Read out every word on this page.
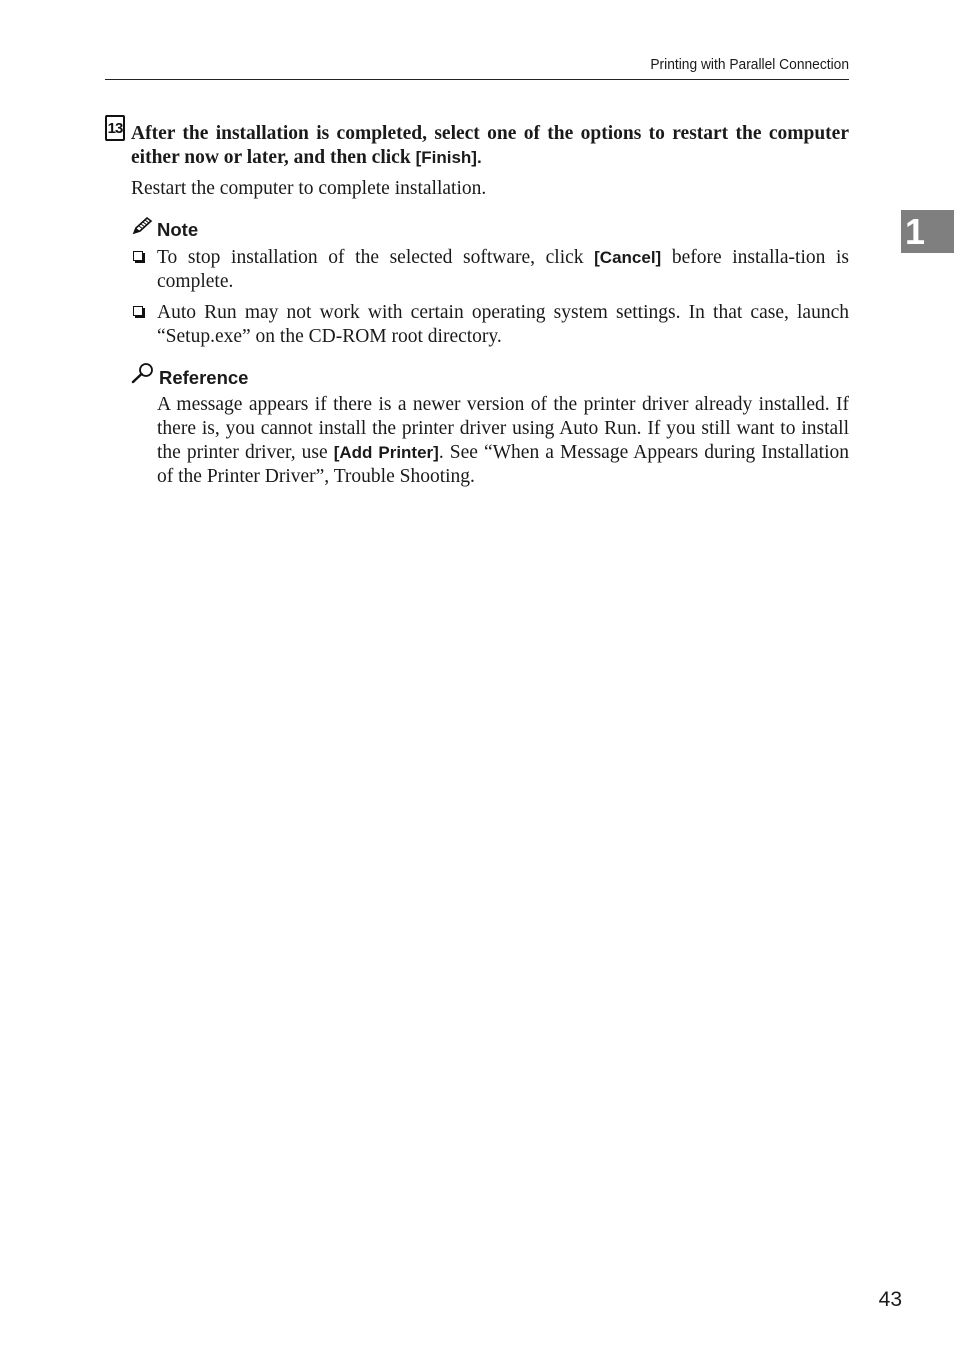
Printing with Parallel Connection
1
13 After the installation is completed, select one of the options to restart the computer either now or later, and then click [Finish].
Restart the computer to complete installation.
Note
To stop installation of the selected software, click [Cancel] before installa-tion is complete.
Auto Run may not work with certain operating system settings. In that case, launch “Setup.exe” on the CD-ROM root directory.
Reference
A message appears if there is a newer version of the printer driver already installed. If there is, you cannot install the printer driver using Auto Run. If you still want to install the printer driver, use [Add Printer]. See “When a Message Appears during Installation of the Printer Driver”, Trouble Shooting.
43
